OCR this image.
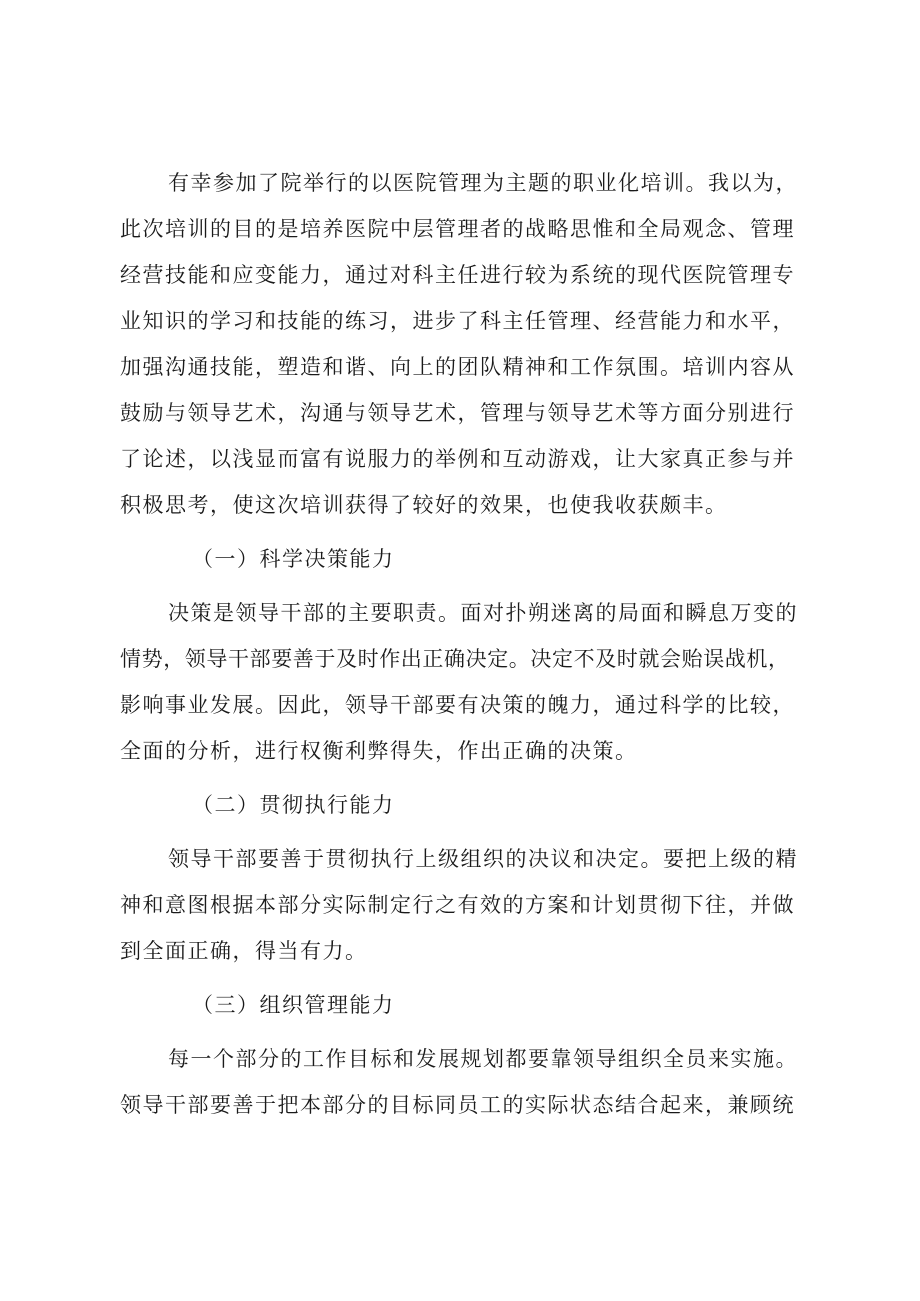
有幸参加了院举行的以医院管理为主题的职业化培训。我以为，
此次培训的目的是培养医院中层管理者的战略思惟和全局观念、管理
经营技能和应变能力，通过对科主任进行较为系统的现代医院管理专
业知识的学习和技能的练习，进步了科主任管理、经营能力和水平，
加强沟通技能，塑造和谐、向上的团队精神和工作氛围。培训内容从
鼓励与领导艺术，沟通与领导艺术，管理与领导艺术等方面分别进行
了论述，以浅显而富有说服力的举例和互动游戏，让大家真正参与并
积极思考，使这次培训获得了较好的效果，也使我收获颇丰。
（一）科学决策能力
决策是领导干部的主要职责。面对扑朔迷离的局面和瞬息万变的
情势，领导干部要善于及时作出正确决定。决定不及时就会贻误战机，
影响事业发展。因此，领导干部要有决策的魄力，通过科学的比较，
全面的分析，进行权衡利弊得失，作出正确的决策。
（二）贯彻执行能力
领导干部要善于贯彻执行上级组织的决议和决定。要把上级的精
神和意图根据本部分实际制定行之有效的方案和计划贯彻下往，并做
到全面正确，得当有力。
（三）组织管理能力
每一个部分的工作目标和发展规划都要靠领导组织全员来实施。
领导干部要善于把本部分的目标同员工的实际状态结合起来，兼顾统
